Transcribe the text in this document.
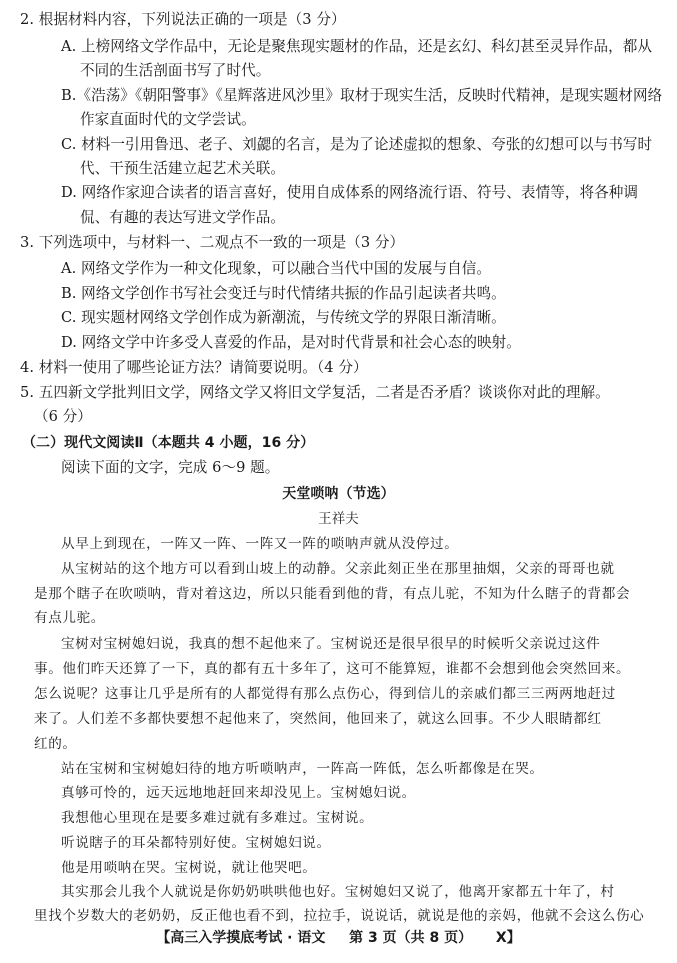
2. 根据材料内容，下列说法正确的一项是（3 分）
A. 上榜网络文学作品中，无论是聚焦现实题材的作品，还是玄幻、科幻甚至灵异作品，都从
不同的生活剖面书写了时代。
B.《浩荡》《朝阳警事》《星辉落进风沙里》取材于现实生活，反映时代精神，是现实题材网络
作家直面时代的文学尝试。
C. 材料一引用鲁迅、老子、刘勰的名言，是为了论述虚拟的想象、夸张的幻想可以与书写时
代、干预生活建立起艺术关联。
D. 网络作家迎合读者的语言喜好，使用自成体系的网络流行语、符号、表情等，将各种调
侃、有趣的表达写进文学作品。
3. 下列选项中，与材料一、二观点不一致的一项是（3 分）
A. 网络文学作为一种文化现象，可以融合当代中国的发展与自信。
B. 网络文学创作书写社会变迁与时代情绪共振的作品引起读者共鸣。
C. 现实题材网络文学创作成为新潮流，与传统文学的界限日渐清晰。
D. 网络文学中许多受人喜爱的作品，是对时代背景和社会心态的映射。
4. 材料一使用了哪些论证方法？请简要说明。（4 分）
5. 五四新文学批判旧文学，网络文学又将旧文学复活，二者是否矛盾？谈谈你对此的理解。
（6 分）
（二）现代文阅读Ⅱ（本题共 4 小题，16 分）
阅读下面的文字，完成 6～9 题。
天堂唢呐（节选）
王祥夫
从早上到现在，一阵又一阵、一阵又一阵的唢呐声就从没停过。
从宝树站的这个地方可以看到山坡上的动静。父亲此刻正坐在那里抽烟，父亲的哥哥也就
是那个瞎子在吹唢呐，背对着这边，所以只能看到他的背，有点儿驼，不知为什么瞎子的背都会
有点儿驼。
宝树对宝树媳妇说，我真的想不起他来了。宝树说还是很早很早的时候听父亲说过这件
事。他们昨天还算了一下，真的都有五十多年了，这可不能算短，谁都不会想到他会突然回来。
怎么说呢？这事让几乎是所有的人都觉得有那么点伤心，得到信儿的亲戚们都三三两两地赶过
来了。人们差不多都快要想不起他来了，突然间，他回来了，就这么回事。不少人眼睛都红
红的。
站在宝树和宝树媳妇待的地方听唢呐声，一阵高一阵低，怎么听都像是在哭。
真够可怜的，远天远地地赶回来却没见上。宝树媳妇说。
我想他心里现在是要多难过就有多难过。宝树说。
听说瞎子的耳朵都特别好使。宝树媳妇说。
他是用唢呐在哭。宝树说，就让他哭吧。
其实那会儿我个人就说是你奶奶哄哄他也好。宝树媳妇又说了，他离开家都五十年了，村
里找个岁数大的老奶奶，反正他也看不到，拉拉手，说说话，就说是他的亲妈，他就不会这么伤心
【高三入学摸底考试 · 语文 第 3 页（共 8 页） X】
